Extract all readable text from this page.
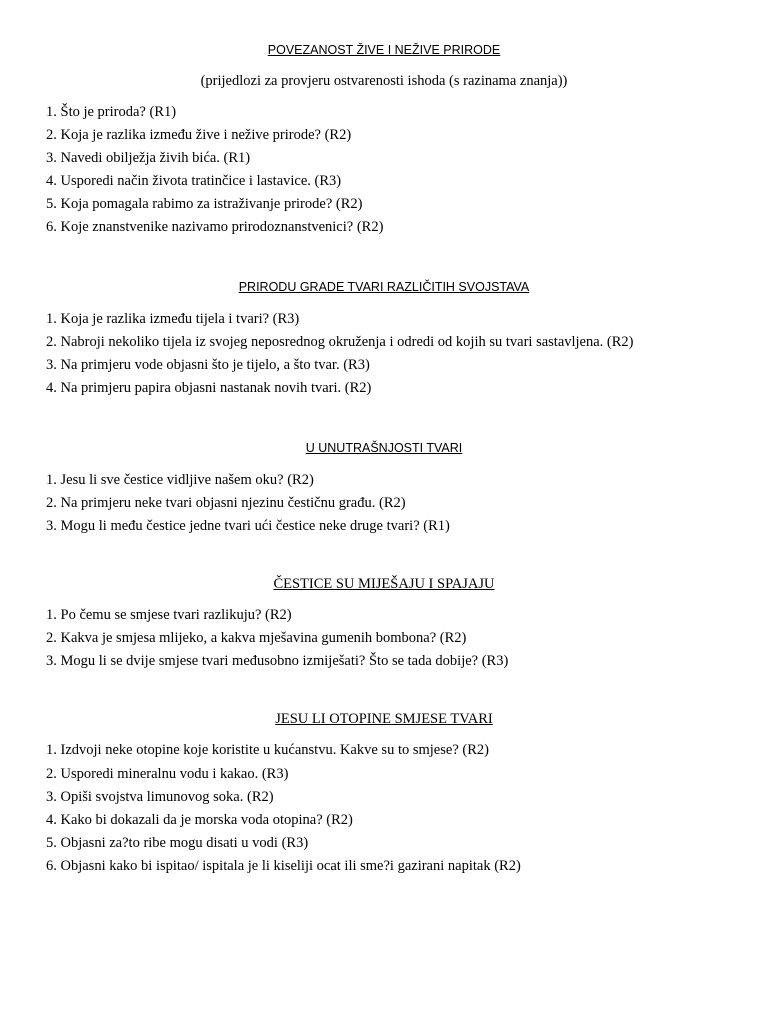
POVEZANOST ŽIVE I NEŽIVE PRIRODE
(prijedlozi za provjeru ostvarenosti ishoda (s razinama znanja))
1. Što je priroda? (R1)
2. Koja je razlika između žive i nežive prirode? (R2)
3. Navedi obilježja živih bića. (R1)
4. Usporedi način života tratinčice i lastavice. (R3)
5. Koja pomagala rabimo za istraživanje prirode? (R2)
6. Koje znanstvenike nazivamo prirodoznanstvenici? (R2)
PRIRODU GRADE TVARI RAZLIČITIH SVOJSTAVA
1. Koja je razlika između tijela i tvari? (R3)
2. Nabroji nekoliko tijela iz svojeg neposrednog okruženja i odredi od kojih su tvari sastavljena. (R2)
3. Na primjeru vode objasni što je tijelo, a što tvar. (R3)
4. Na primjeru papira objasni nastanak novih tvari. (R2)
U UNUTRAŠNJOSTI TVARI
1. Jesu li sve čestice vidljive našem oku? (R2)
2. Na primjeru neke tvari objasni njezinu čestičnu građu. (R2)
3. Mogu li među čestice jedne tvari ući čestice neke druge tvari? (R1)
ČESTICE SU MIJEŠAJU I SPAJAJU
1. Po čemu se smjese tvari razlikuju? (R2)
2. Kakva je smjesa mlijeko, a kakva mješavina gumenih bombona? (R2)
3. Mogu li se dvije smjese tvari međusobno izmiješati? Što se tada dobije? (R3)
JESU LI OTOPINE SMJESE TVARI
1. Izdvoji neke otopine koje koristite u kućanstvu. Kakve su to smjese? (R2)
2. Usporedi mineralnu vodu i kakao. (R3)
3. Opiši svojstva limunovog soka. (R2)
4. Kako bi dokazali da je morska voda otopina? (R2)
5. Objasni za?to ribe mogu disati u vodi (R3)
6. Objasni kako bi ispitao/ ispitala je li kiseliji ocat ili sme?i gazirani napitak (R2)
